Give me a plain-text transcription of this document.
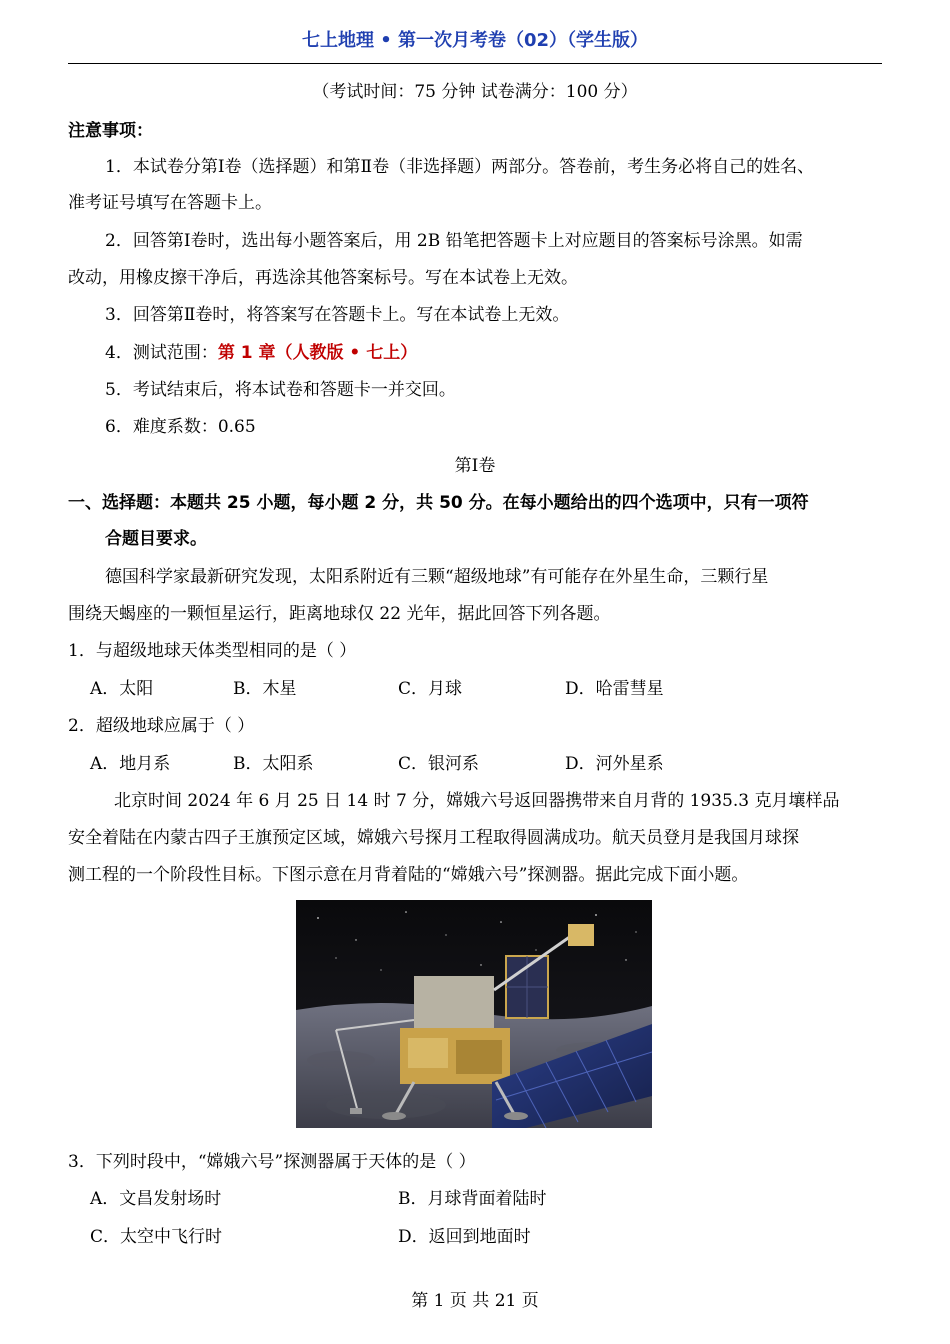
七上地理 • 第一次月考卷（02）（学生版）
（考试时间：75 分钟 试卷满分：100 分）
注意事项：
1．本试卷分第Ⅰ卷（选择题）和第Ⅱ卷（非选择题）两部分。答卷前，考生务必将自己的姓名、
准考证号填写在答题卡上。
2．回答第Ⅰ卷时，选出每小题答案后，用 2B 铅笔把答题卡上对应题目的答案标号涂黑。如需
改动，用橡皮擦干净后，再选涂其他答案标号。写在本试卷上无效。
3．回答第Ⅱ卷时，将答案写在答题卡上。写在本试卷上无效。
4．测试范围：第 1 章（人教版 • 七上）
5．考试结束后，将本试卷和答题卡一并交回。
6．难度系数：0.65
第Ⅰ卷
一、选择题：本题共 25 小题，每小题 2 分，共 50 分。在每小题给出的四个选项中，只有一项符
合题目要求。
德国科学家最新研究发现，太阳系附近有三颗“超级地球”有可能存在外星生命，三颗行星
围绕天蝎座的一颗恒星运行，距离地球仅 22 光年，据此回答下列各题。
1．与超级地球天体类型相同的是（ ）
A．太阳	B．木星	C．月球	D．哈雷彗星
2．超级地球应属于（ ）
A．地月系	B．太阳系	C．银河系	D．河外星系
北京时间 2024 年 6 月 25 日 14 时 7 分，嫦娥六号返回器携带来自月背的 1935.3 克月壤样品
安全着陆在内蒙古四子王旗预定区域，嫦娥六号探月工程取得圆满成功。航天员登月是我国月球探
测工程的一个阶段性目标。下图示意在月背着陆的“嫦娥六号”探测器。据此完成下面小题。
3．下列时段中，“嫦娥六号”探测器属于天体的是（ ）
A．文昌发射场时	B．月球背面着陆时
C．太空中飞行时	D．返回到地面时
第 1 页 共 21 页
